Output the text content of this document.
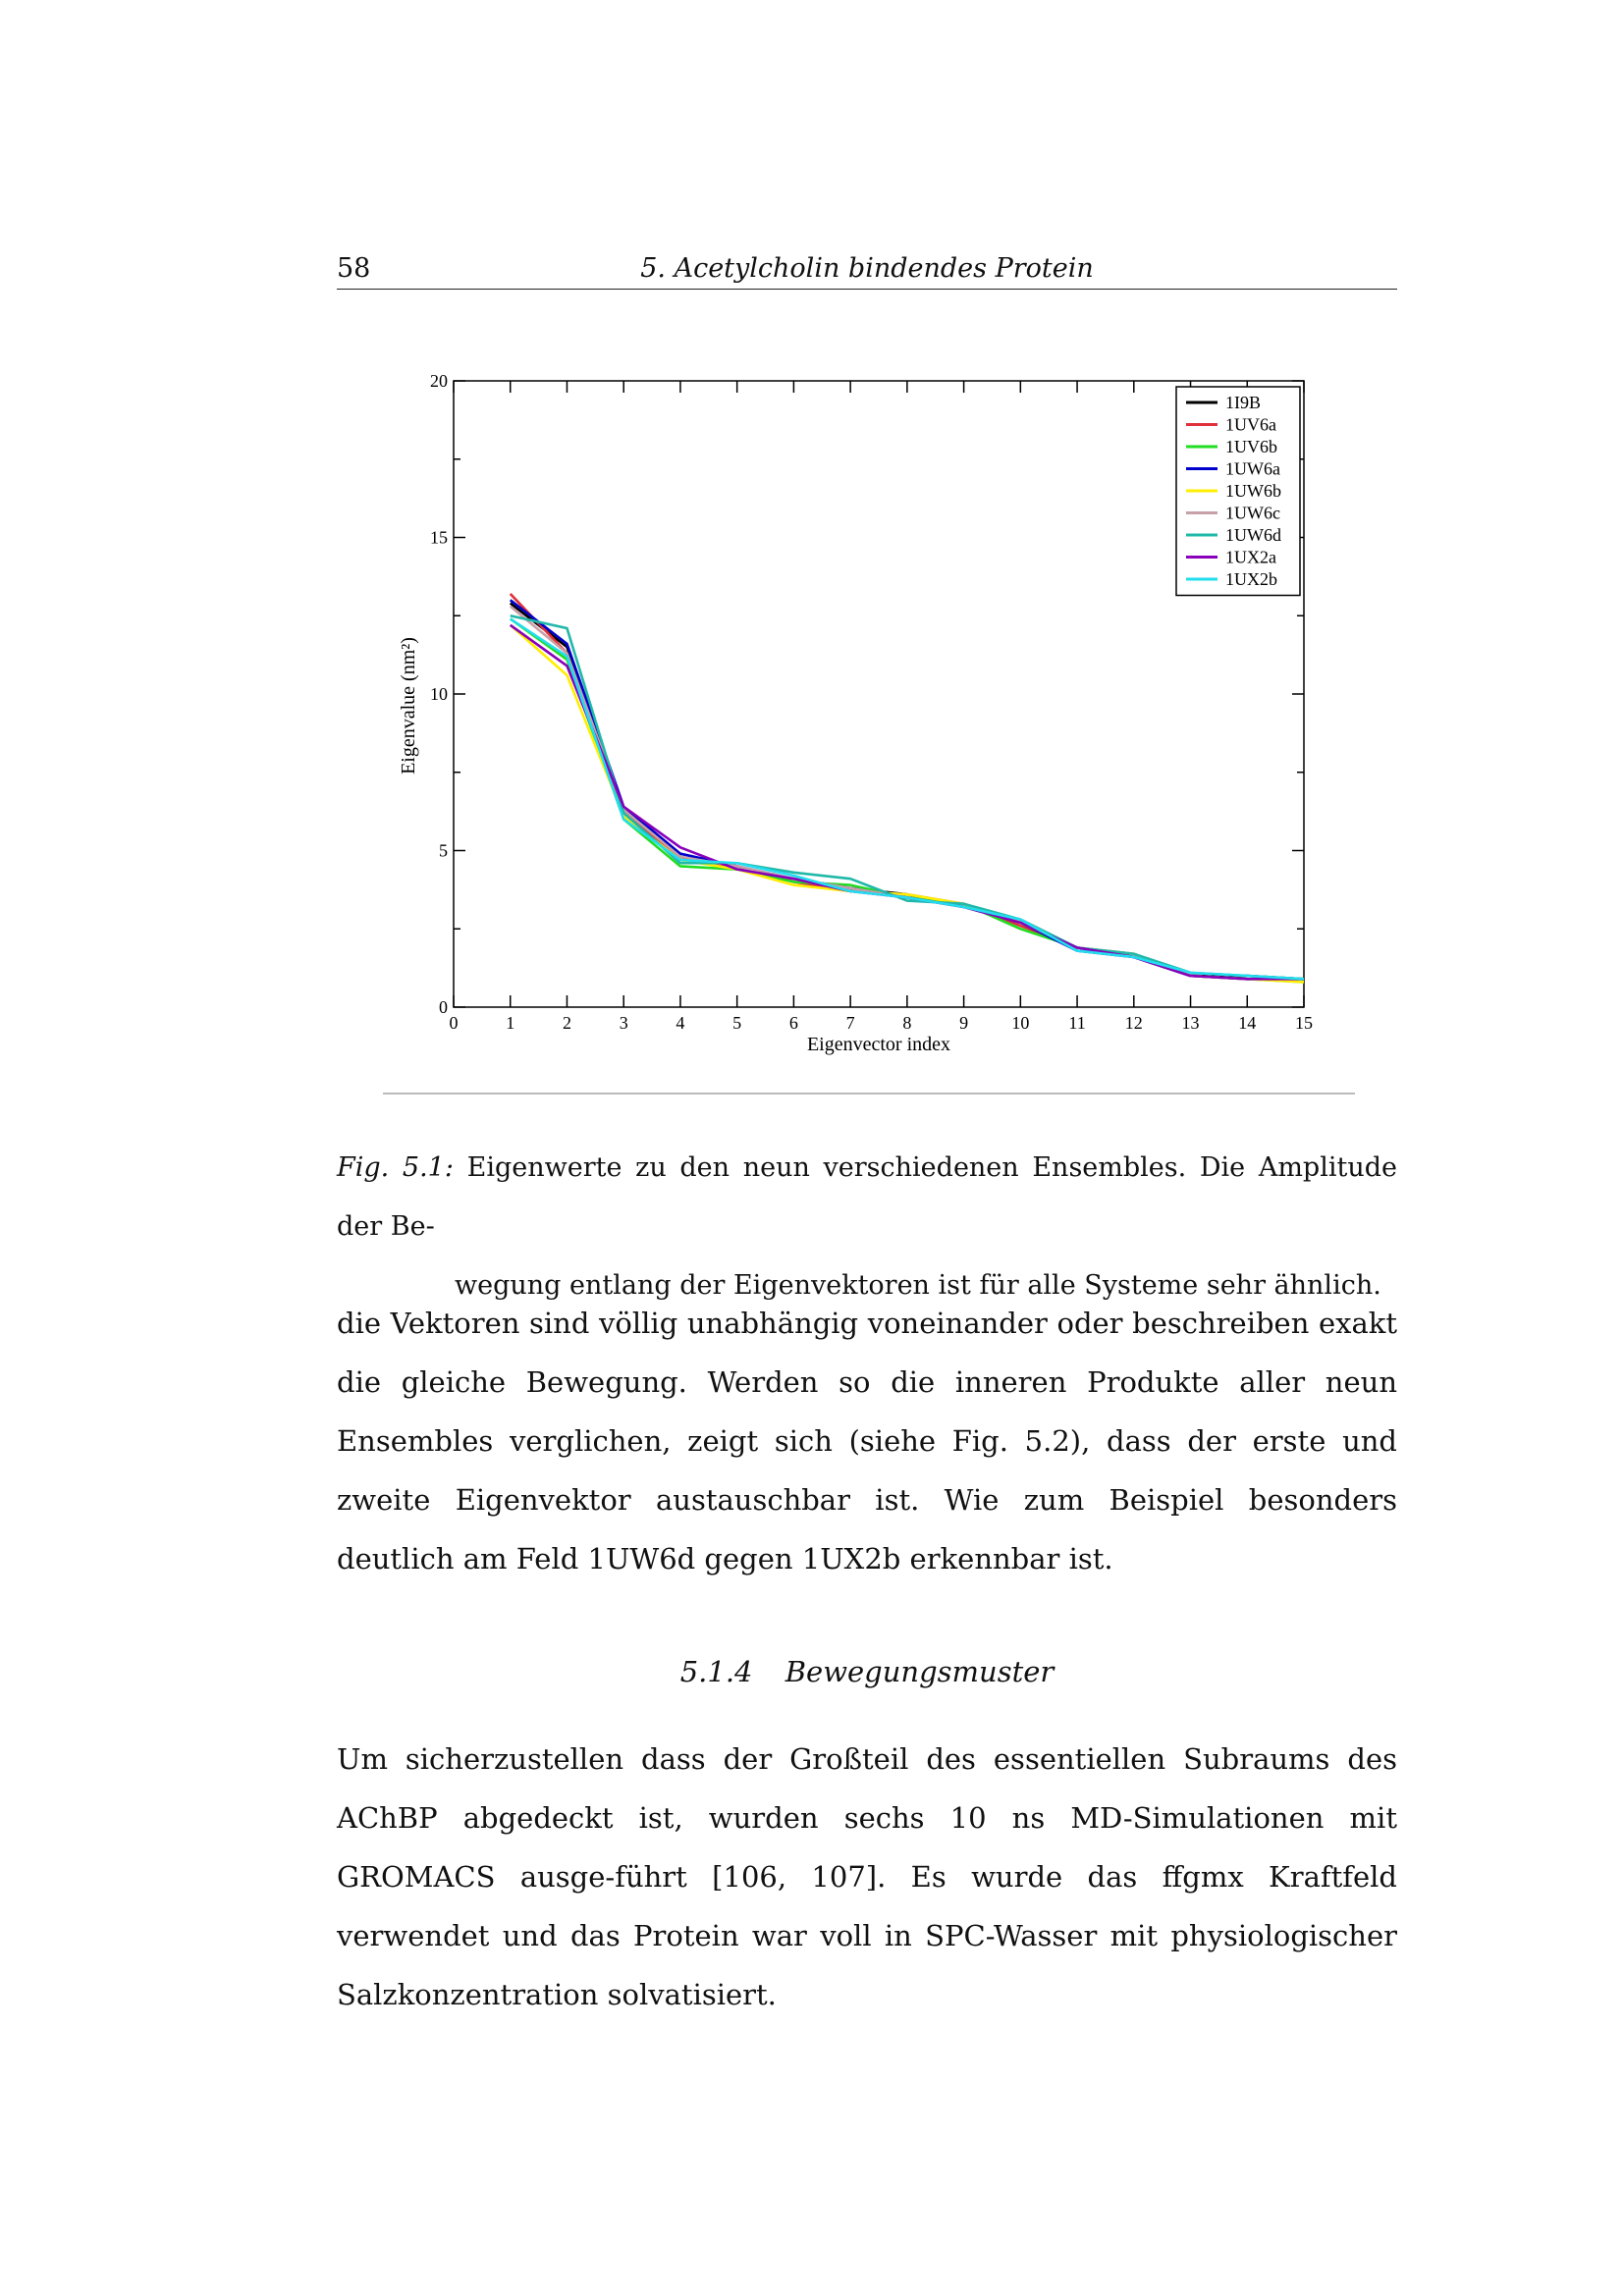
58	5. Acetylcholin bindendes Protein
0	1	2	3	4	5	6	7	8	9 10 11 12 13 14 15
0
5
10
15
20
Eigenvector index
Eigenvalue (nm²)
1I9B
1UV6a
1UV6b
1UW6a
1UW6b
1UW6c
1UW6d
1UX2a
1UX2b
Fig. 5.1: Eigenwerte zu den neun verschiedenen Ensembles. Die Amplitude der Be-
wegung entlang der Eigenvektoren ist für alle Systeme sehr ähnlich.

die Vektoren sind völlig unabhängig voneinander oder beschreiben exakt die gleiche Bewegung. Werden so die inneren Produkte aller neun Ensembles verglichen, zeigt sich (siehe Fig. 5.2), dass der erste und zweite Eigenvektor austauschbar ist. Wie zum Beispiel besonders deutlich am Feld 1UW6d gegen 1UX2b erkennbar ist.

5.1.4 Bewegungsmuster

Um sicherzustellen dass der Großteil des essentiellen Subraums des AChBP abgedeckt ist, wurden sechs 10 ns MD-Simulationen mit GROMACS ausge-führt [106, 107]. Es wurde das ffgmx Kraftfeld verwendet und das Protein war voll in SPC-Wasser mit physiologischer Salzkonzentration solvatisiert.
